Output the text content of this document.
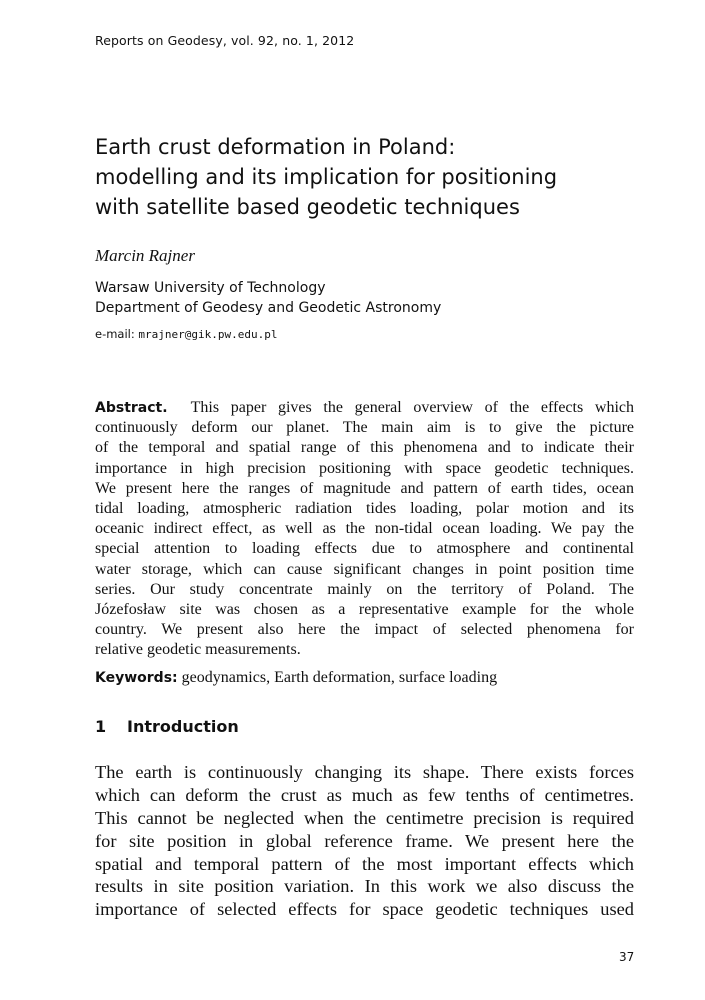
Reports on Geodesy, vol. 92, no. 1, 2012
Earth crust deformation in Poland:
modelling and its implication for positioning
with satellite based geodetic techniques
Marcin Rajner
Warsaw University of Technology
Department of Geodesy and Geodetic Astronomy
e-mail: mrajner@gik.pw.edu.pl
Abstract. This paper gives the general overview of the effects which
continuously deform our planet. The main aim is to give the picture
of the temporal and spatial range of this phenomena and to indicate their
importance in high precision positioning with space geodetic techniques.
We present here the ranges of magnitude and pattern of earth tides, ocean
tidal loading, atmospheric radiation tides loading, polar motion and its
oceanic indirect effect, as well as the non-tidal ocean loading. We pay the
special attention to loading effects due to atmosphere and continental
water storage, which can cause significant changes in point position time
series. Our study concentrate mainly on the territory of Poland. The
Józefosław site was chosen as a representative example for the whole
country. We present also here the impact of selected phenomena for
relative geodetic measurements.
Keywords: geodynamics, Earth deformation, surface loading
1 Introduction
The earth is continuously changing its shape. There exists forces
which can deform the crust as much as few tenths of centimetres.
This cannot be neglected when the centimetre precision is required
for site position in global reference frame. We present here the
spatial and temporal pattern of the most important effects which
results in site position variation. In this work we also discuss the
importance of selected effects for space geodetic techniques used
37
